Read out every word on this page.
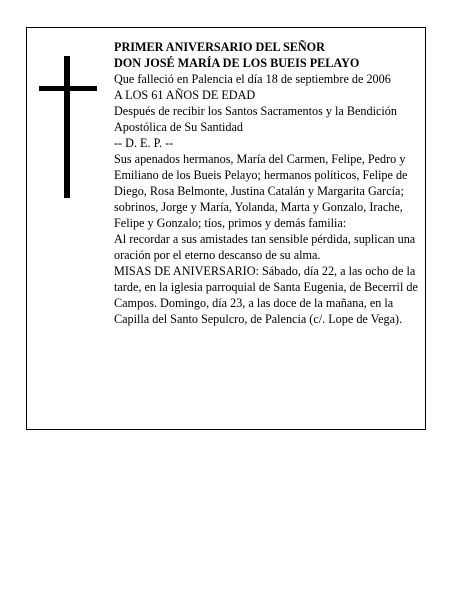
PRIMER ANIVERSARIO DEL SEÑOR

DON JOSÉ MARÍA DE LOS BUEIS PELAYO

Que falleció en Palencia el día 18 de septiembre de 2006

A LOS 61 AÑOS DE EDAD

Después de recibir los Santos Sacramentos y la Bendición Apostólica de Su Santidad

-- D. E. P. --

Sus apenados hermanos, María del Carmen, Felipe, Pedro y Emiliano de los Bueis Pelayo; hermanos políticos, Felipe de Diego, Rosa Belmonte, Justina Catalán y Margarita García; sobrinos, Jorge y María, Yolanda, Marta y Gonzalo, Irache, Felipe y Gonzalo; tíos, primos y demás familia:

Al recordar a sus amistades tan sensible pérdida, suplican una oración por el eterno descanso de su alma.

MISAS DE ANIVERSARIO: Sábado, día 22, a las ocho de la tarde, en la iglesia parroquial de Santa Eugenia, de Becerril de Campos. Domingo, día 23, a las doce de la mañana, en la Capilla del Santo Sepulcro, de Palencia (c/. Lope de Vega).
